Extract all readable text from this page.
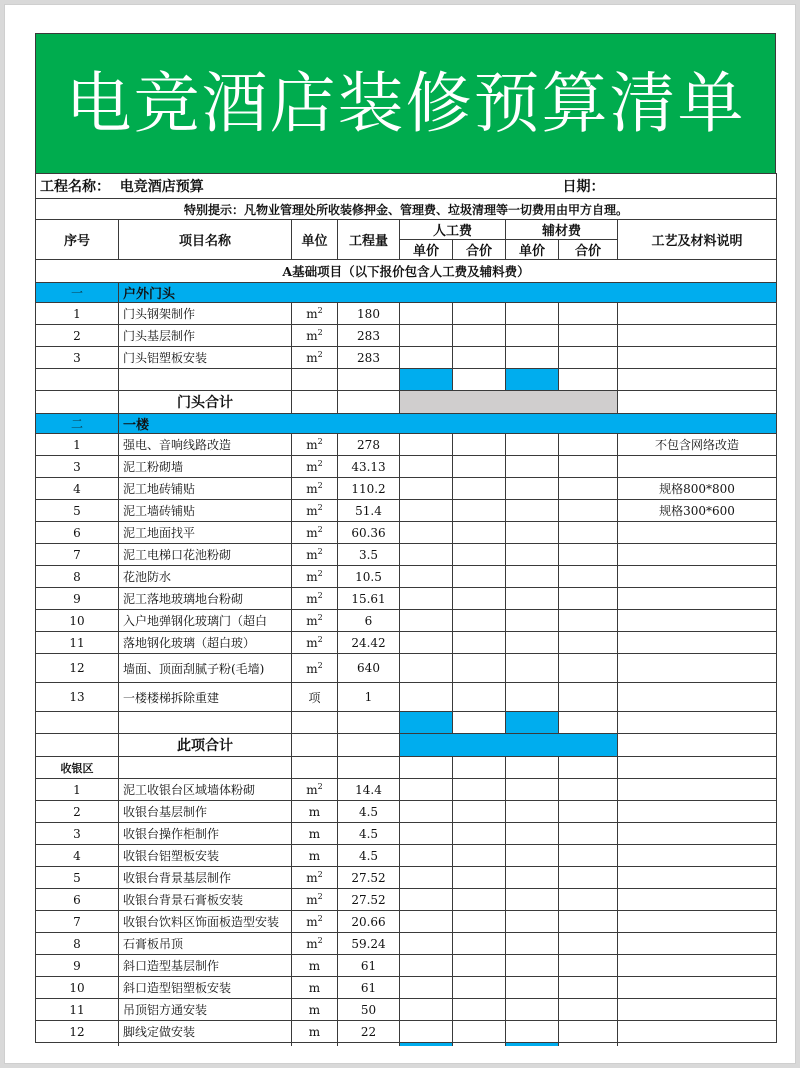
电竞酒店装修预算清单
工程名称： 电竞酒店预算							日期：	
特别提示：凡物业管理处所收装修押金、管理费、垃圾清理等一切费用由甲方自理。								
序号	项目名称	单位	工程量	人工费		辅材费		工艺及材料说明
				单价	合价	单价	合价	
A基础项目（以下报价包含人工费及辅料费）								
一	户外门头							
1	门头钢架制作	$m^2$	180					
2	门头基层制作	$m^2$	283					
3	门头铝塑板安装	$m^2$	283					

	门头合计							
二	一楼							
1	强电、音响线路改造	$m^2$	278					不包含网络改造
3	泥工粉砌墙	$m^2$	43.13					
4	泥工地砖铺贴	$m^2$	110.2					规格800*800
5	泥工墙砖铺贴	$m^2$	51.4					规格300*600
6	泥工地面找平	$m^2$	60.36					
7	泥工电梯口花池粉砌	$m^2$	3.5					
8	花池防水	$m^2$	10.5					
9	泥工落地玻璃地台粉砌	$m^2$	15.61					
10	入户地弹钢化玻璃门（超白	$m^2$	6					
11	落地钢化玻璃（超白玻）	$m^2$	24.42					
12	墙面、顶面刮腻子粉(毛墙)	$m^2$	640					
13	一楼楼梯拆除重建	项	1					

	此项合计							
收银区								
1	泥工收银台区域墙体粉砌	$m^2$	14.4					
2	收银台基层制作	m	4.5					
3	收银台操作柜制作	m	4.5					
4	收银台铝塑板安装	m	4.5					
5	收银台背景基层制作	$m^2$	27.52					
6	收银台背景石膏板安装	$m^2$	27.52					
7	收银台饮料区饰面板造型安装	$m^2$	20.66					
8	石膏板吊顶	$m^2$	59.24					
9	斜口造型基层制作	m	61					
10	斜口造型铝塑板安装	m	61					
11	吊顶铝方通安装	m	50					
12	脚线定做安装	m	22					
